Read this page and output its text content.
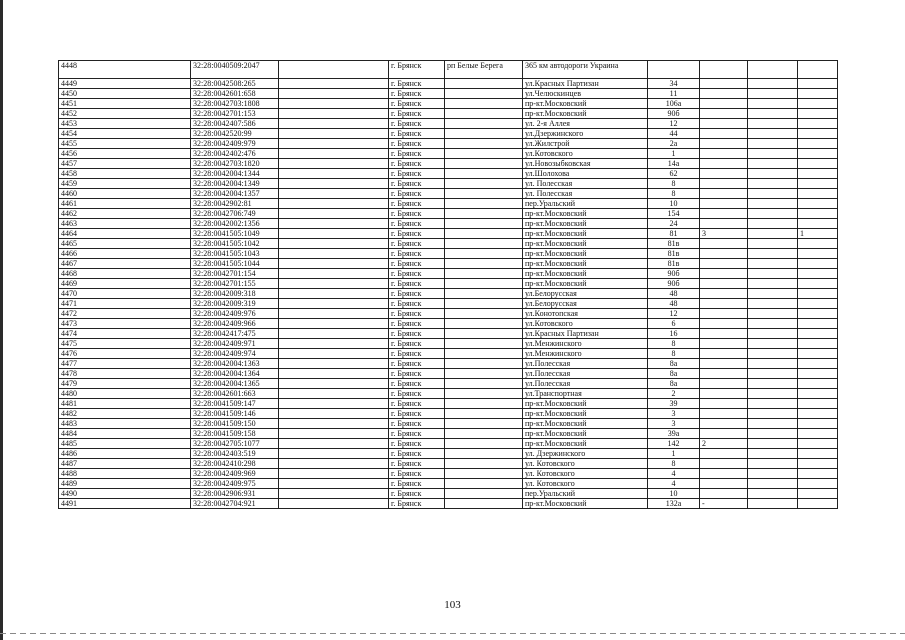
4448	32:28:0040509:2047		г. Брянск	рп Белые Берега	365 км автодороги Украина				
4449	32:28:0042508:265		г. Брянск		ул.Красных Партизан	34			
4450	32:28:0042601:658		г. Брянск		ул.Челюскинцев	11			
4451	32:28:0042703:1808		г. Брянск		пр-кт.Московский	106а			
4452	32:28:0042701:153		г. Брянск		пр-кт.Московский	90б			
4453	32:28:0042407:586		г. Брянск		ул. 2-я Аллея	12			
4454	32:28:0042520:99		г. Брянск		ул.Дзержинского	44			
4455	32:28:0042409:979		г. Брянск		ул.Жилстрой	2а			
4456	32:28:0042402:476		г. Брянск		ул.Котовского	1			
4457	32:28:0042703:1820		г. Брянск		ул.Новозыбковская	14а			
4458	32:28:0042004:1344		г. Брянск		ул.Шолохова	62			
4459	32:28:0042004:1349		г. Брянск		ул. Полесская	8			
4460	32:28:0042004:1357		г. Брянск		ул. Полесская	8			
4461	32:28:0042902:81		г. Брянск		пер.Уральский	10			
4462	32:28:0042706:749		г. Брянск		пр-кт.Московский	154			
4463	32:28:0042002:1356		г. Брянск		пр-кт.Московский	24			
4464	32:28:0041505:1049		г. Брянск		пр-кт.Московский	81	3		1
4465	32:28:0041505:1042		г. Брянск		пр-кт.Московский	81в			
4466	32:28:0041505:1043		г. Брянск		пр-кт.Московский	81в			
4467	32:28:0041505:1044		г. Брянск		пр-кт.Московский	81в			
4468	32:28:0042701:154		г. Брянск		пр-кт.Московский	90б			
4469	32:28:0042701:155		г. Брянск		пр-кт.Московский	90б			
4470	32:28:0042009:318		г. Брянск		ул.Белорусская	48			
4471	32:28:0042009:319		г. Брянск		ул.Белорусская	48			
4472	32:28:0042409:976		г. Брянск		ул.Конотопская	12			
4473	32:28:0042409:966		г. Брянск		ул.Котовского	6			
4474	32:28:0042417:475		г. Брянск		ул.Красных Партизан	16			
4475	32:28:0042409:971		г. Брянск		ул.Менжинского	8			
4476	32:28:0042409:974		г. Брянск		ул.Менжинского	8			
4477	32:28:0042004:1363		г. Брянск		ул.Полесская	8а			
4478	32:28:0042004:1364		г. Брянск		ул.Полесская	8а			
4479	32:28:0042004:1365		г. Брянск		ул.Полесская	8а			
4480	32:28:0042601:663		г. Брянск		ул.Транспортная	2			
4481	32:28:0041509:147		г. Брянск		пр-кт.Московский	39			
4482	32:28:0041509:146		г. Брянск		пр-кт.Московский	3			
4483	32:28:0041509:150		г. Брянск		пр-кт.Московский	3			
4484	32:28:0041509:158		г. Брянск		пр-кт.Московский	39а			
4485	32:28:0042705:1077		г. Брянск		пр-кт.Московский	142	2		
4486	32:28:0042403:519		г. Брянск		ул. Дзержинского	1			
4487	32:28:0042410:298		г. Брянск		ул. Котовского	8			
4488	32:28:0042409:969		г. Брянск		ул. Котовского	4			
4489	32:28:0042409:975		г. Брянск		ул. Котовского	4			
4490	32:28:0042906:931		г. Брянск		пер.Уральский	10			
4491	32:28:0042704:921		г. Брянск		пр-кт.Московский	132а	-		
103
